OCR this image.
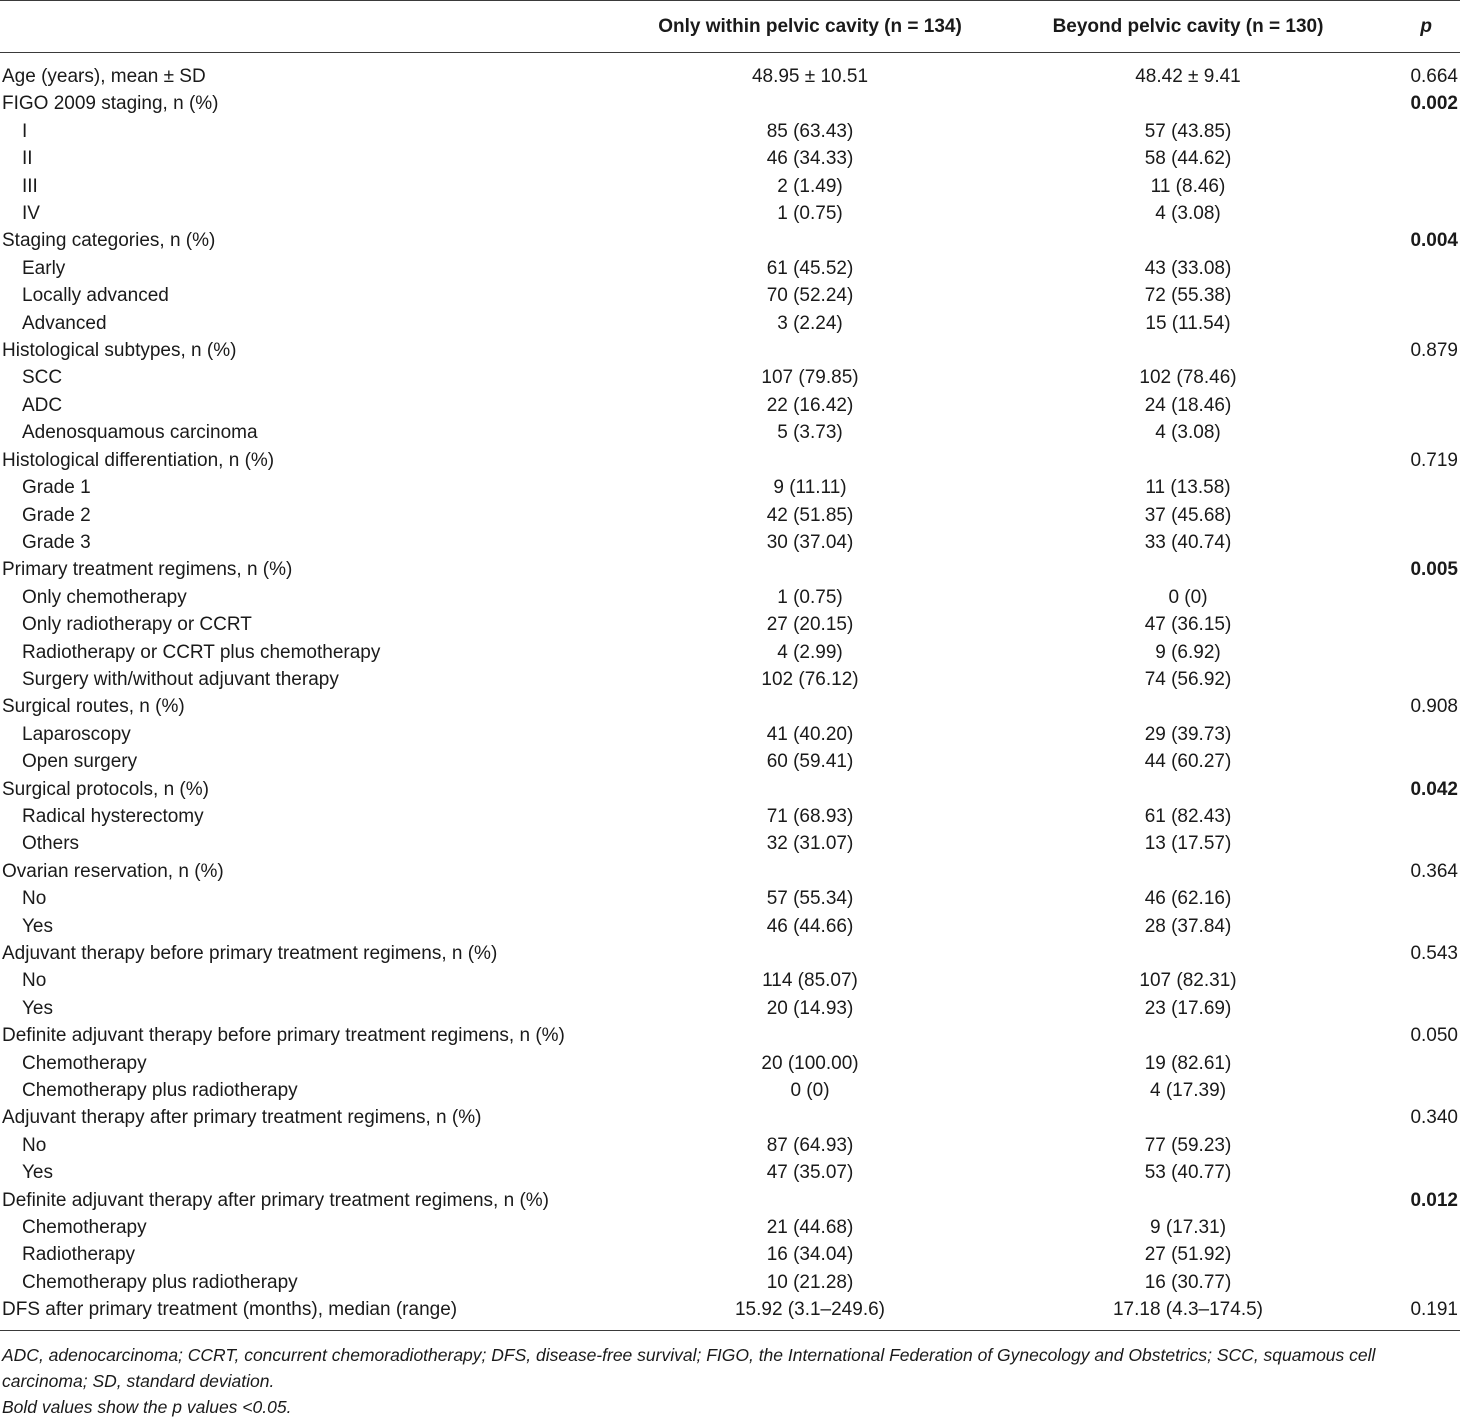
	Only within pelvic cavity (n = 134)	Beyond pelvic cavity (n = 130)	p
Age (years), mean ± SD	48.95 ± 10.51	48.42 ± 9.41	0.664
FIGO 2009 staging, n (%)			0.002
I	85 (63.43)	57 (43.85)	
II	46 (34.33)	58 (44.62)	
III	2 (1.49)	11 (8.46)	
IV	1 (0.75)	4 (3.08)	
Staging categories, n (%)			0.004
Early	61 (45.52)	43 (33.08)	
Locally advanced	70 (52.24)	72 (55.38)	
Advanced	3 (2.24)	15 (11.54)	
Histological subtypes, n (%)			0.879
SCC	107 (79.85)	102 (78.46)	
ADC	22 (16.42)	24 (18.46)	
Adenosquamous carcinoma	5 (3.73)	4 (3.08)	
Histological differentiation, n (%)			0.719
Grade 1	9 (11.11)	11 (13.58)	
Grade 2	42 (51.85)	37 (45.68)	
Grade 3	30 (37.04)	33 (40.74)	
Primary treatment regimens, n (%)			0.005
Only chemotherapy	1 (0.75)	0 (0)	
Only radiotherapy or CCRT	27 (20.15)	47 (36.15)	
Radiotherapy or CCRT plus chemotherapy	4 (2.99)	9 (6.92)	
Surgery with/without adjuvant therapy	102 (76.12)	74 (56.92)	
Surgical routes, n (%)			0.908
Laparoscopy	41 (40.20)	29 (39.73)	
Open surgery	60 (59.41)	44 (60.27)	
Surgical protocols, n (%)			0.042
Radical hysterectomy	71 (68.93)	61 (82.43)	
Others	32 (31.07)	13 (17.57)	
Ovarian reservation, n (%)			0.364
No	57 (55.34)	46 (62.16)	
Yes	46 (44.66)	28 (37.84)	
Adjuvant therapy before primary treatment regimens, n (%)			0.543
No	114 (85.07)	107 (82.31)	
Yes	20 (14.93)	23 (17.69)	
Definite adjuvant therapy before primary treatment regimens, n (%)			0.050
Chemotherapy	20 (100.00)	19 (82.61)	
Chemotherapy plus radiotherapy	0 (0)	4 (17.39)	
Adjuvant therapy after primary treatment regimens, n (%)			0.340
No	87 (64.93)	77 (59.23)	
Yes	47 (35.07)	53 (40.77)	
Definite adjuvant therapy after primary treatment regimens, n (%)			0.012
Chemotherapy	21 (44.68)	9 (17.31)	
Radiotherapy	16 (34.04)	27 (51.92)	
Chemotherapy plus radiotherapy	10 (21.28)	16 (30.77)	
DFS after primary treatment (months), median (range)	15.92 (3.1–249.6)	17.18 (4.3–174.5)	0.191

ADC, adenocarcinoma; CCRT, concurrent chemoradiotherapy; DFS, disease-free survival; FIGO, the International Federation of Gynecology and Obstetrics; SCC, squamous cell carcinoma; SD, standard deviation.

Bold values show the p values <0.05.
